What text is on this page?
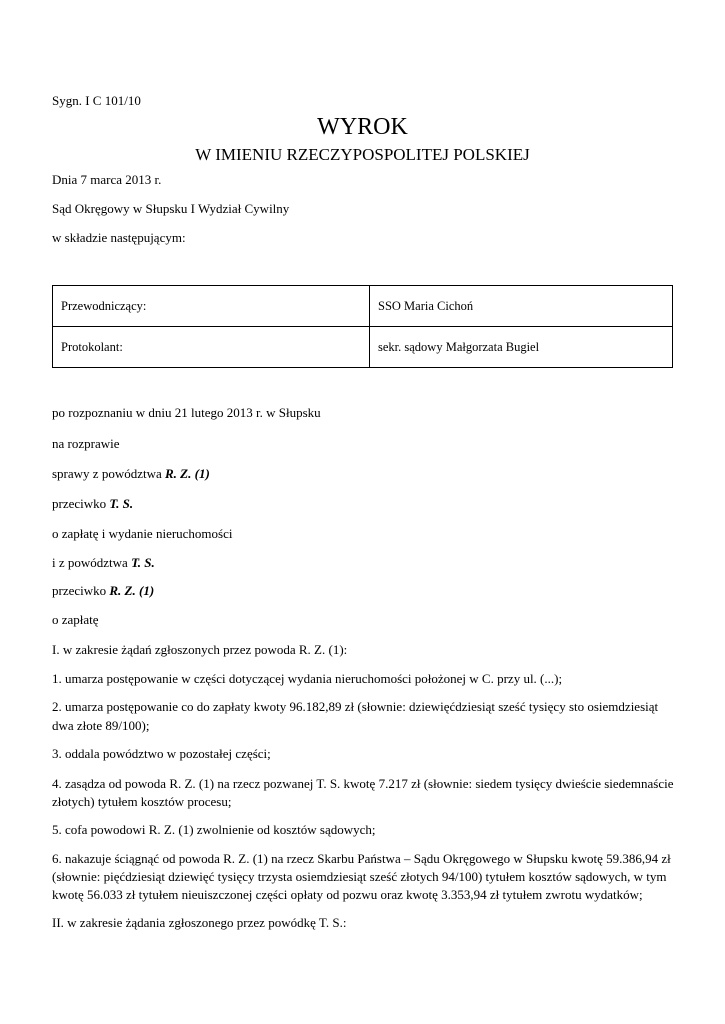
Sygn. I C 101/10
WYROK
W IMIENIU RZECZYPOSPOLITEJ POLSKIEJ
Dnia 7 marca 2013 r.
Sąd Okręgowy w Słupsku I Wydział Cywilny
w składzie następującym:
Przewodniczący:	SSO Maria Cichoń
Protokolant:	sekr. sądowy Małgorzata Bugiel
po rozpoznaniu w dniu 21 lutego 2013 r. w Słupsku
na rozprawie
sprawy z powództwa R. Z. (1)
przeciwko T. S.
o zapłatę i wydanie nieruchomości
i z powództwa T. S.
przeciwko R. Z. (1)
o zapłatę
I. w zakresie żądań zgłoszonych przez powoda R. Z. (1):
1. umarza postępowanie w części dotyczącej wydania nieruchomości położonej w C. przy ul. (...);
2. umarza postępowanie co do zapłaty kwoty 96.182,89 zł (słownie: dziewięćdziesiąt sześć tysięcy sto osiemdziesiąt
dwa złote 89/100);
3. oddala powództwo w pozostałej części;
4. zasądza od powoda R. Z. (1) na rzecz pozwanej T. S. kwotę 7.217 zł (słownie: siedem tysięcy dwieście siedemnaście
złotych) tytułem kosztów procesu;
5. cofa powodowi R. Z. (1) zwolnienie od kosztów sądowych;
6. nakazuje ściągnąć od powoda R. Z. (1) na rzecz Skarbu Państwa – Sądu Okręgowego w Słupsku kwotę 59.386,94 zł
(słownie: pięćdziesiąt dziewięć tysięcy trzysta osiemdziesiąt sześć złotych 94/100) tytułem kosztów sądowych, w tym
kwotę 56.033 zł tytułem nieuiszczonej części opłaty od pozwu oraz kwotę 3.353,94 zł tytułem zwrotu wydatków;
II. w zakresie żądania zgłoszonego przez powódkę T. S.:
